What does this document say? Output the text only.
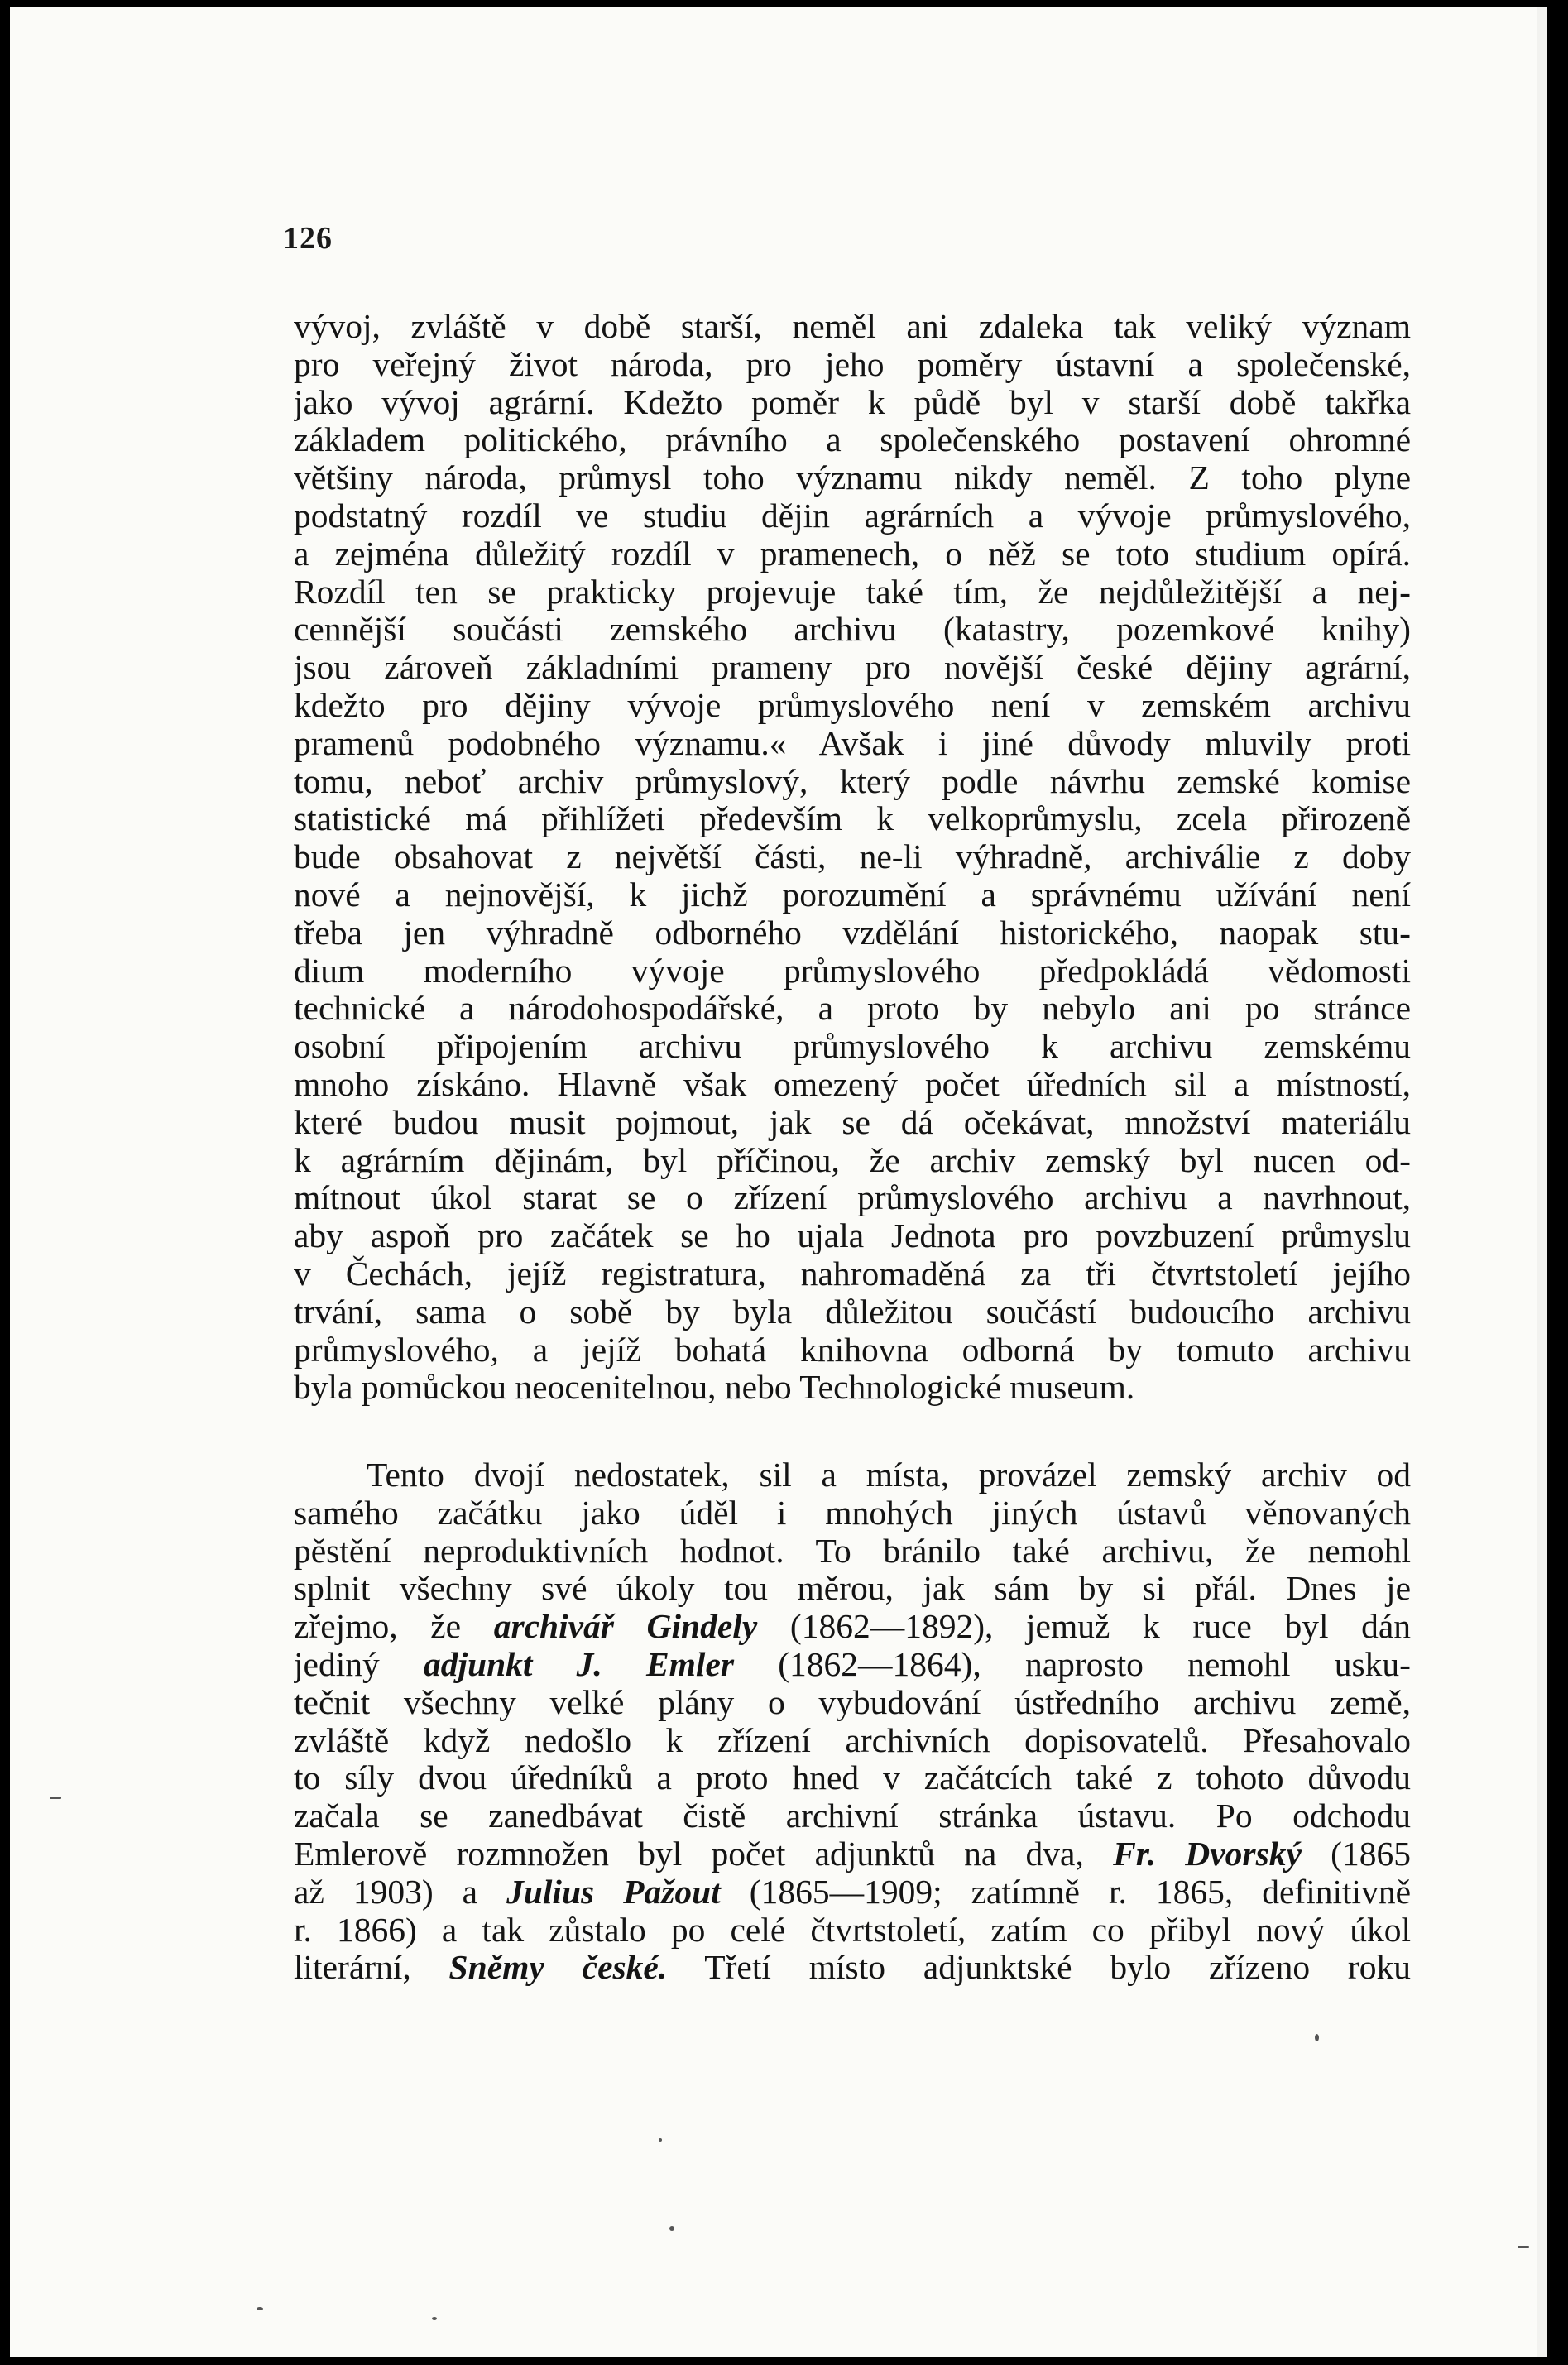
126
vývoj, zvláště v době starší, neměl ani zdaleka tak veliký význam
pro veřejný život národa, pro jeho poměry ústavní a společenské,
jako vývoj agrární. Kdežto poměr k půdě byl v starší době takřka
základem politického, právního a společenského postavení ohromné
většiny národa, průmysl toho významu nikdy neměl. Z toho plyne
podstatný rozdíl ve studiu dějin agrárních a vývoje průmyslového,
a zejména důležitý rozdíl v pramenech, o něž se toto studium opírá.
Rozdíl ten se prakticky projevuje také tím, že nejdůležitější a nej-
cennější součásti zemského archivu (katastry, pozemkové knihy)
jsou zároveň základními prameny pro novější české dějiny agrární,
kdežto pro dějiny vývoje průmyslového není v zemském archivu
pramenů podobného významu.« Avšak i jiné důvody mluvily proti
tomu, neboť archiv průmyslový, který podle návrhu zemské komise
statistické má přihlížeti především k velkoprůmyslu, zcela přirozeně
bude obsahovat z největší části, ne-li výhradně, archiválie z doby
nové a nejnovější, k jichž porozumění a správnému užívání není
třeba jen výhradně odborného vzdělání historického, naopak stu-
dium moderního vývoje průmyslového předpokládá vědomosti
technické a národohospodářské, a proto by nebylo ani po stránce
osobní připojením archivu průmyslového k archivu zemskému
mnoho získáno. Hlavně však omezený počet úředních sil a místností,
které budou musit pojmout, jak se dá očekávat, množství materiálu
k agrárním dějinám, byl příčinou, že archiv zemský byl nucen od-
mítnout úkol starat se o zřízení průmyslového archivu a navrhnout,
aby aspoň pro začátek se ho ujala Jednota pro povzbuzení průmyslu
v Čechách, jejíž registratura, nahromaděná za tři čtvrtstoletí jejího
trvání, sama o sobě by byla důležitou součástí budoucího archivu
průmyslového, a jejíž bohatá knihovna odborná by tomuto archivu
byla pomůckou neocenitelnou, nebo Technologické museum.
Tento dvojí nedostatek, sil a místa, provázel zemský archiv od
samého začátku jako úděl i mnohých jiných ústavů věnovaných
pěstění neproduktivních hodnot. To bránilo také archivu, že nemohl
splnit všechny své úkoly tou měrou, jak sám by si přál. Dnes je
zřejmo, že archivář Gindely (1862—1892), jemuž k ruce byl dán
jediný adjunkt J. Emler (1862—1864), naprosto nemohl usku-
tečnit všechny velké plány o vybudování ústředního archivu země,
zvláště když nedošlo k zřízení archivních dopisovatelů. Přesahovalo
to síly dvou úředníků a proto hned v začátcích také z tohoto důvodu
začala se zanedbávat čistě archivní stránka ústavu. Po odchodu
Emlerově rozmnožen byl počet adjunktů na dva, Fr. Dvorský (1865
až 1903) a Julius Pažout (1865—1909; zatímně r. 1865, definitivně
r. 1866) a tak zůstalo po celé čtvrtstoletí, zatím co přibyl nový úkol
literární, Sněmy české. Třetí místo adjunktské bylo zřízeno roku
